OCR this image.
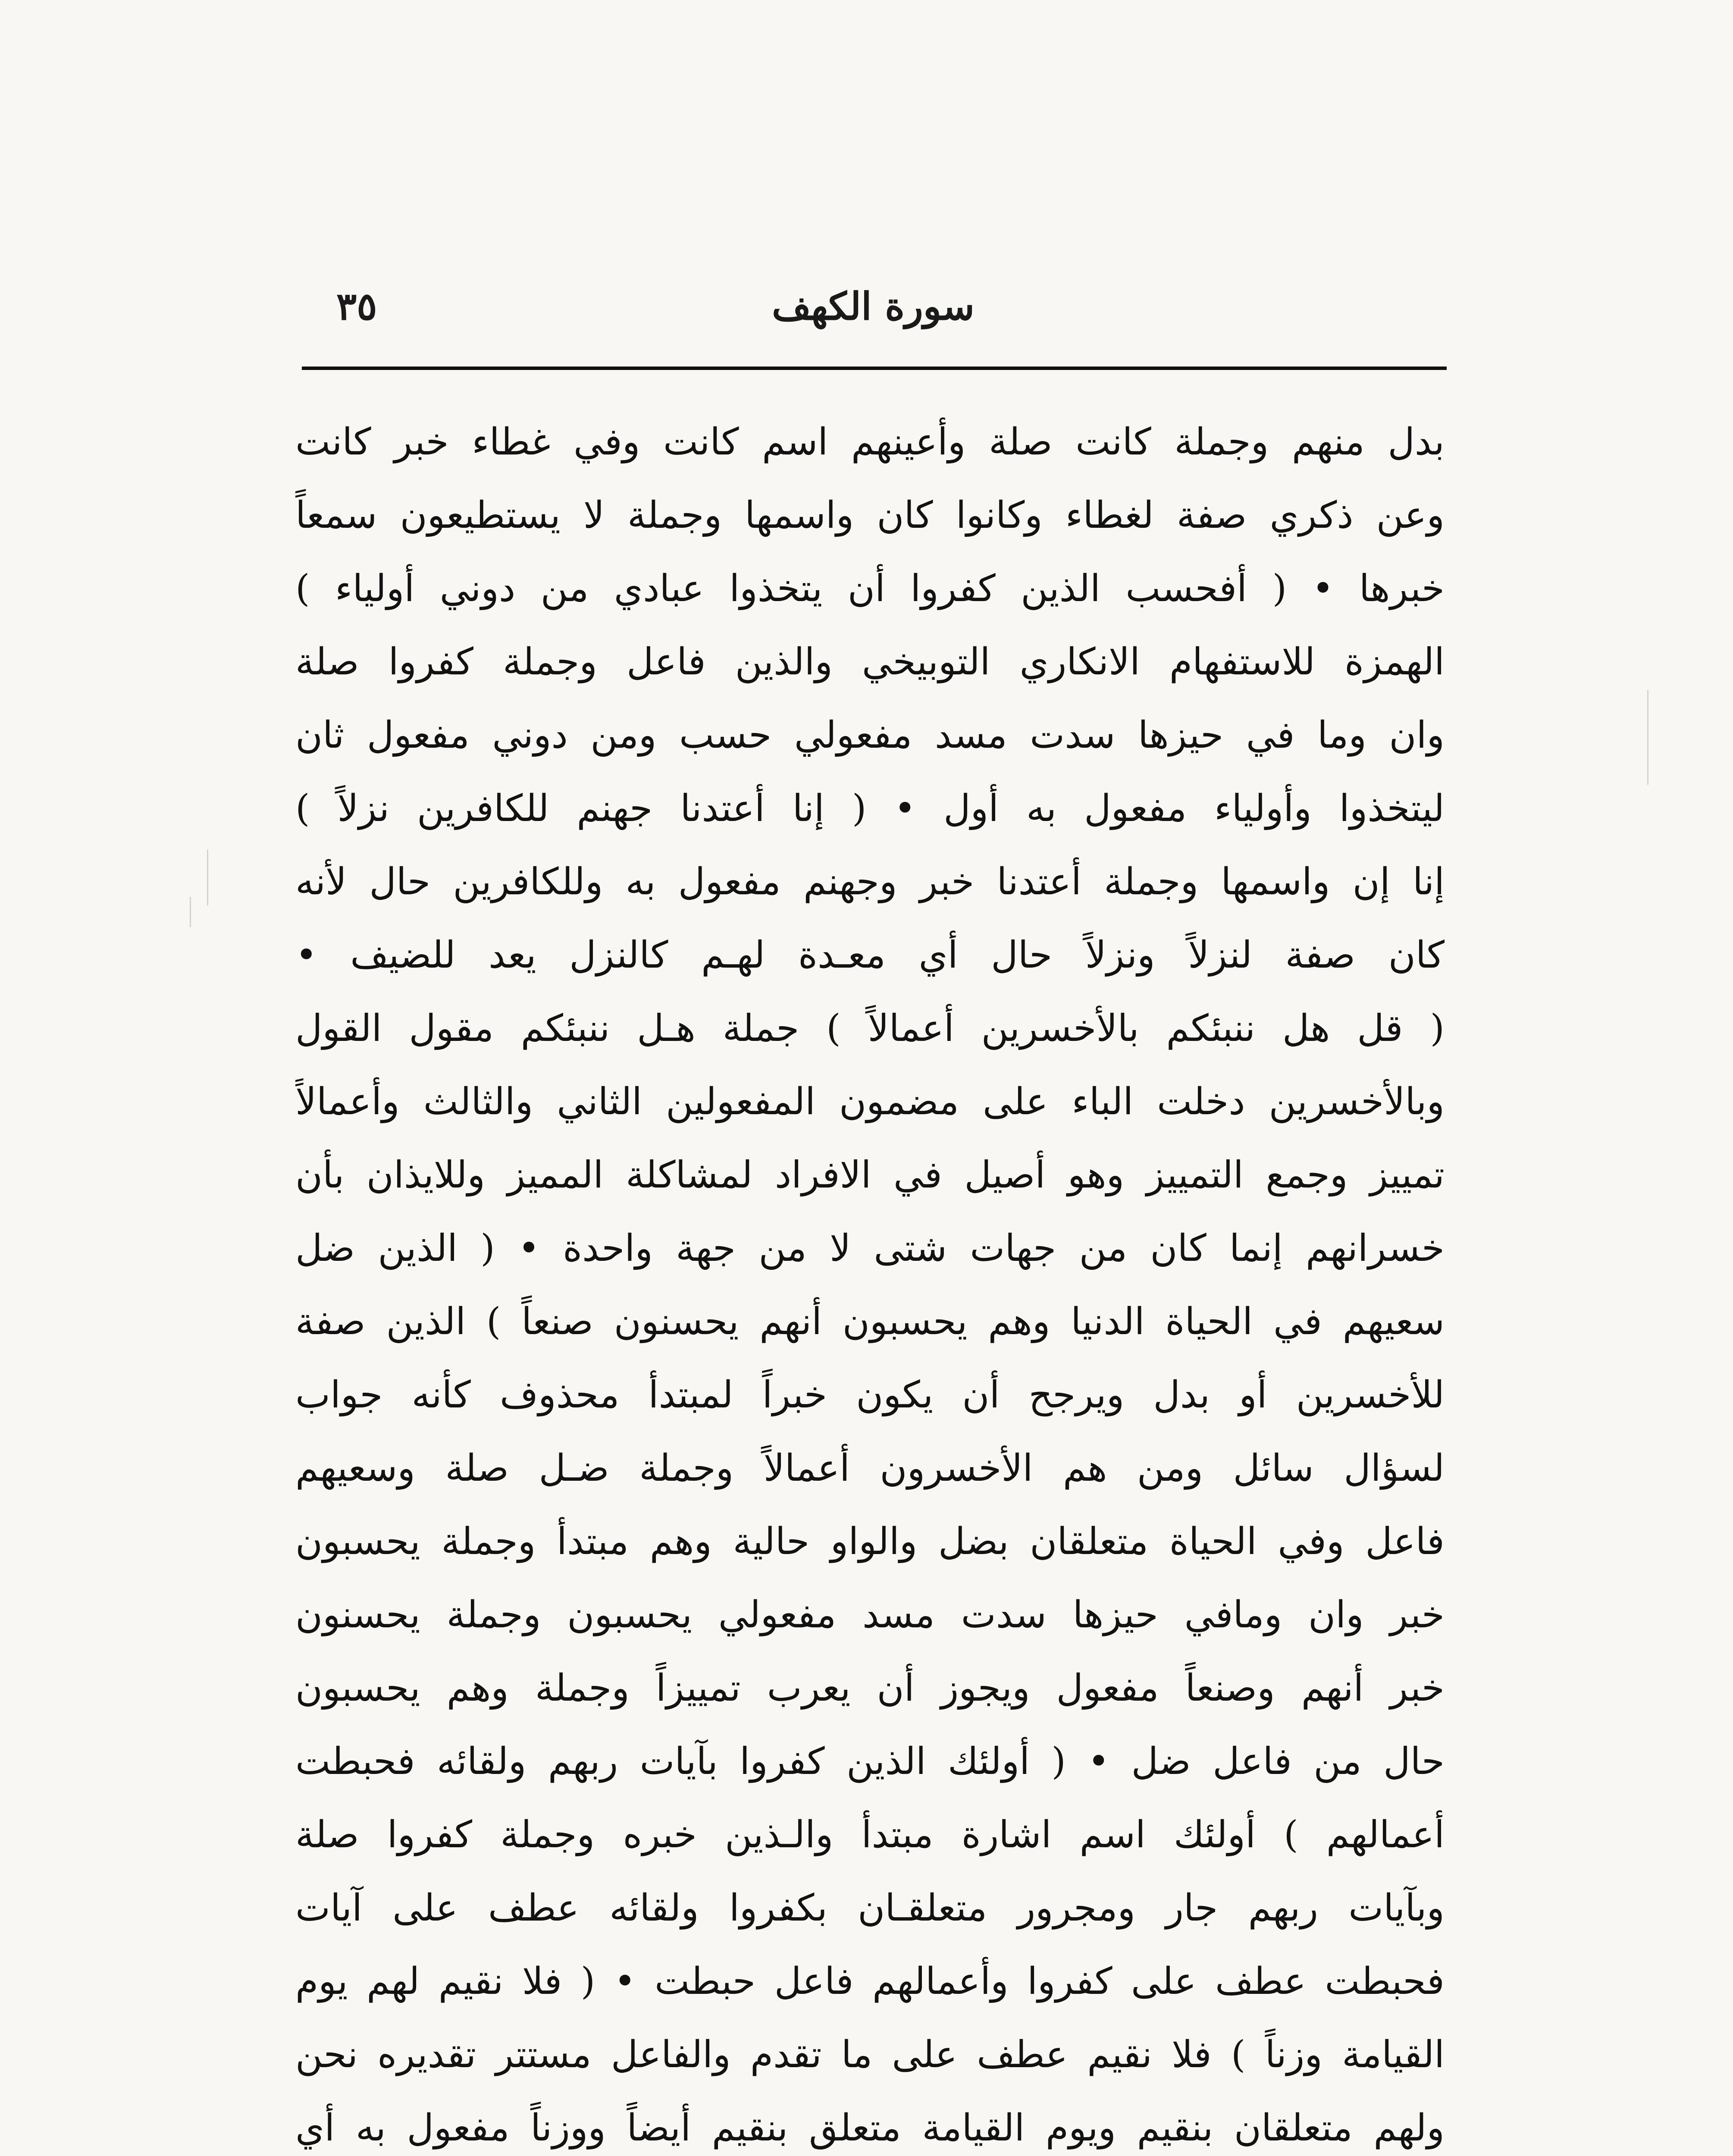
سورة الكهف
٣٥
بدل منهم وجملة كانت صلة وأعينهم اسم كانت وفي غطاء خبر كانت
وعن ذكري صفة لغطاء وكانوا كان واسمها وجملة لا يستطيعون سمعاً
خبرها • ( أفحسب الذين كفروا أن يتخذوا عبادي من دوني أولياء )
الهمزة للاستفهام الانكاري التوبيخي والذين فاعل وجملة كفروا صلة
وان وما في حيزها سدت مسد مفعولي حسب ومن دوني مفعول ثان
ليتخذوا وأولياء مفعول به أول • ( إنا أعتدنا جهنم للكافرين نزلاً )
إنا إن واسمها وجملة أعتدنا خبر وجهنم مفعول به وللكافرين حال لأنه
كان صفة لنزلاً ونزلاً حال أي معـدة لهـم كالنزل يعد للضيف •
( قل هل ننبئكم بالأخسرين أعمالاً ) جملة هـل ننبئكم مقول القول
وبالأخسرين دخلت الباء على مضمون المفعولين الثاني والثالث وأعمالاً
تمييز وجمع التمييز وهو أصيل في الافراد لمشاكلة المميز وللايذان بأن
خسرانهم إنما كان من جهات شتى لا من جهة واحدة • ( الذين ضل
سعيهم في الحياة الدنيا وهم يحسبون أنهم يحسنون صنعاً ) الذين صفة
للأخسرين أو بدل ويرجح أن يكون خبراً لمبتدأ محذوف كأنه جواب
لسؤال سائل ومن هم الأخسرون أعمالاً وجملة ضـل صلة وسعيهم
فاعل وفي الحياة متعلقان بضل والواو حالية وهم مبتدأ وجملة يحسبون
خبر وان ومافي حيزها سدت مسد مفعولي يحسبون وجملة يحسنون
خبر أنهم وصنعاً مفعول ويجوز أن يعرب تمييزاً وجملة وهم يحسبون
حال من فاعل ضل • ( أولئك الذين كفروا بآيات ربهم ولقائه فحبطت
أعمالهم ) أولئك اسم اشارة مبتدأ والـذين خبره وجملة كفروا صلة
وبآيات ربهم جار ومجرور متعلقـان بكفروا ولقائه عطف على آيات
فحبطت عطف على كفروا وأعمالهم فاعل حبطت • ( فلا نقيم لهم يوم
القيامة وزناً ) فلا نقيم عطف على ما تقدم والفاعل مستتر تقديره نحن
ولهم متعلقان بنقيم ويوم القيامة متعلق بنقيم أيضاً ووزناً مفعول به أي
